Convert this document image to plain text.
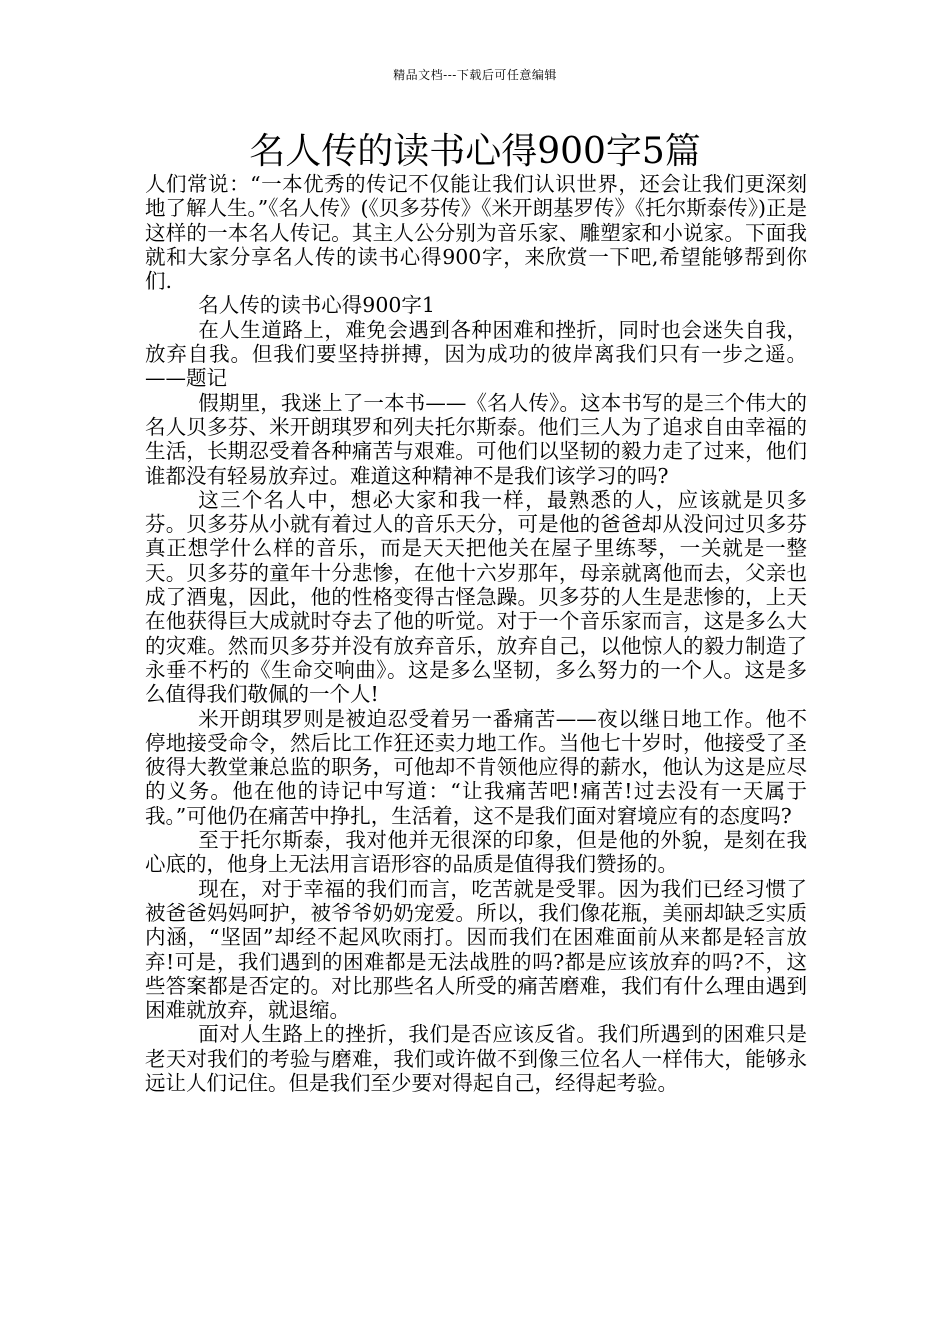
精品文档---下载后可任意编辑
名人传的读书心得900字5篇

人们常说：“一本优秀的传记不仅能让我们认识世界，还会让我们更深刻地了解人生。”《名人传》(《贝多芬传》《米开朗基罗传》《托尔斯泰传》)正是这样的一本名人传记。其主人公分别为音乐家、雕塑家和小说家。下面我就和大家分享名人传的读书心得900字，来欣赏一下吧,希望能够帮到你们.

名人传的读书心得900字1

在人生道路上，难免会遇到各种困难和挫折，同时也会迷失自我，放弃自我。但我们要坚持拼搏，因为成功的彼岸离我们只有一步之遥。——题记

假期里，我迷上了一本书——《名人传》。这本书写的是三个伟大的名人贝多芬、米开朗琪罗和列夫托尔斯泰。他们三人为了追求自由幸福的生活，长期忍受着各种痛苦与艰难。可他们以坚韧的毅力走了过来，他们谁都没有轻易放弃过。难道这种精神不是我们该学习的吗?

这三个名人中，想必大家和我一样，最熟悉的人，应该就是贝多芬。贝多芬从小就有着过人的音乐天分，可是他的爸爸却从没问过贝多芬真正想学什么样的音乐，而是天天把他关在屋子里练琴，一关就是一整天。贝多芬的童年十分悲惨，在他十六岁那年，母亲就离他而去，父亲也成了酒鬼，因此，他的性格变得古怪急躁。贝多芬的人生是悲惨的，上天在他获得巨大成就时夺去了他的听觉。对于一个音乐家而言，这是多么大的灾难。然而贝多芬并没有放弃音乐，放弃自己，以他惊人的毅力制造了永垂不朽的《生命交响曲》。这是多么坚韧，多么努力的一个人。这是多么值得我们敬佩的一个人!

米开朗琪罗则是被迫忍受着另一番痛苦——夜以继日地工作。他不停地接受命令，然后比工作狂还卖力地工作。当他七十岁时，他接受了圣彼得大教堂兼总监的职务，可他却不肯领他应得的薪水，他认为这是应尽的义务。他在他的诗记中写道：“让我痛苦吧!痛苦!过去没有一天属于我。”可他仍在痛苦中挣扎，生活着，这不是我们面对窘境应有的态度吗?

至于托尔斯泰，我对他并无很深的印象，但是他的外貌，是刻在我心底的，他身上无法用言语形容的品质是值得我们赞扬的。

现在，对于幸福的我们而言，吃苦就是受罪。因为我们已经习惯了被爸爸妈妈呵护，被爷爷奶奶宠爱。所以，我们像花瓶，美丽却缺乏实质内涵，“坚固”却经不起风吹雨打。因而我们在困难面前从来都是轻言放弃!可是，我们遇到的困难都是无法战胜的吗?都是应该放弃的吗?不，这些答案都是否定的。对比那些名人所受的痛苦磨难，我们有什么理由遇到困难就放弃，就退缩。

面对人生路上的挫折，我们是否应该反省。我们所遇到的困难只是老天对我们的考验与磨难，我们或许做不到像三位名人一样伟大，能够永远让人们记住。但是我们至少要对得起自己，经得起考验。
